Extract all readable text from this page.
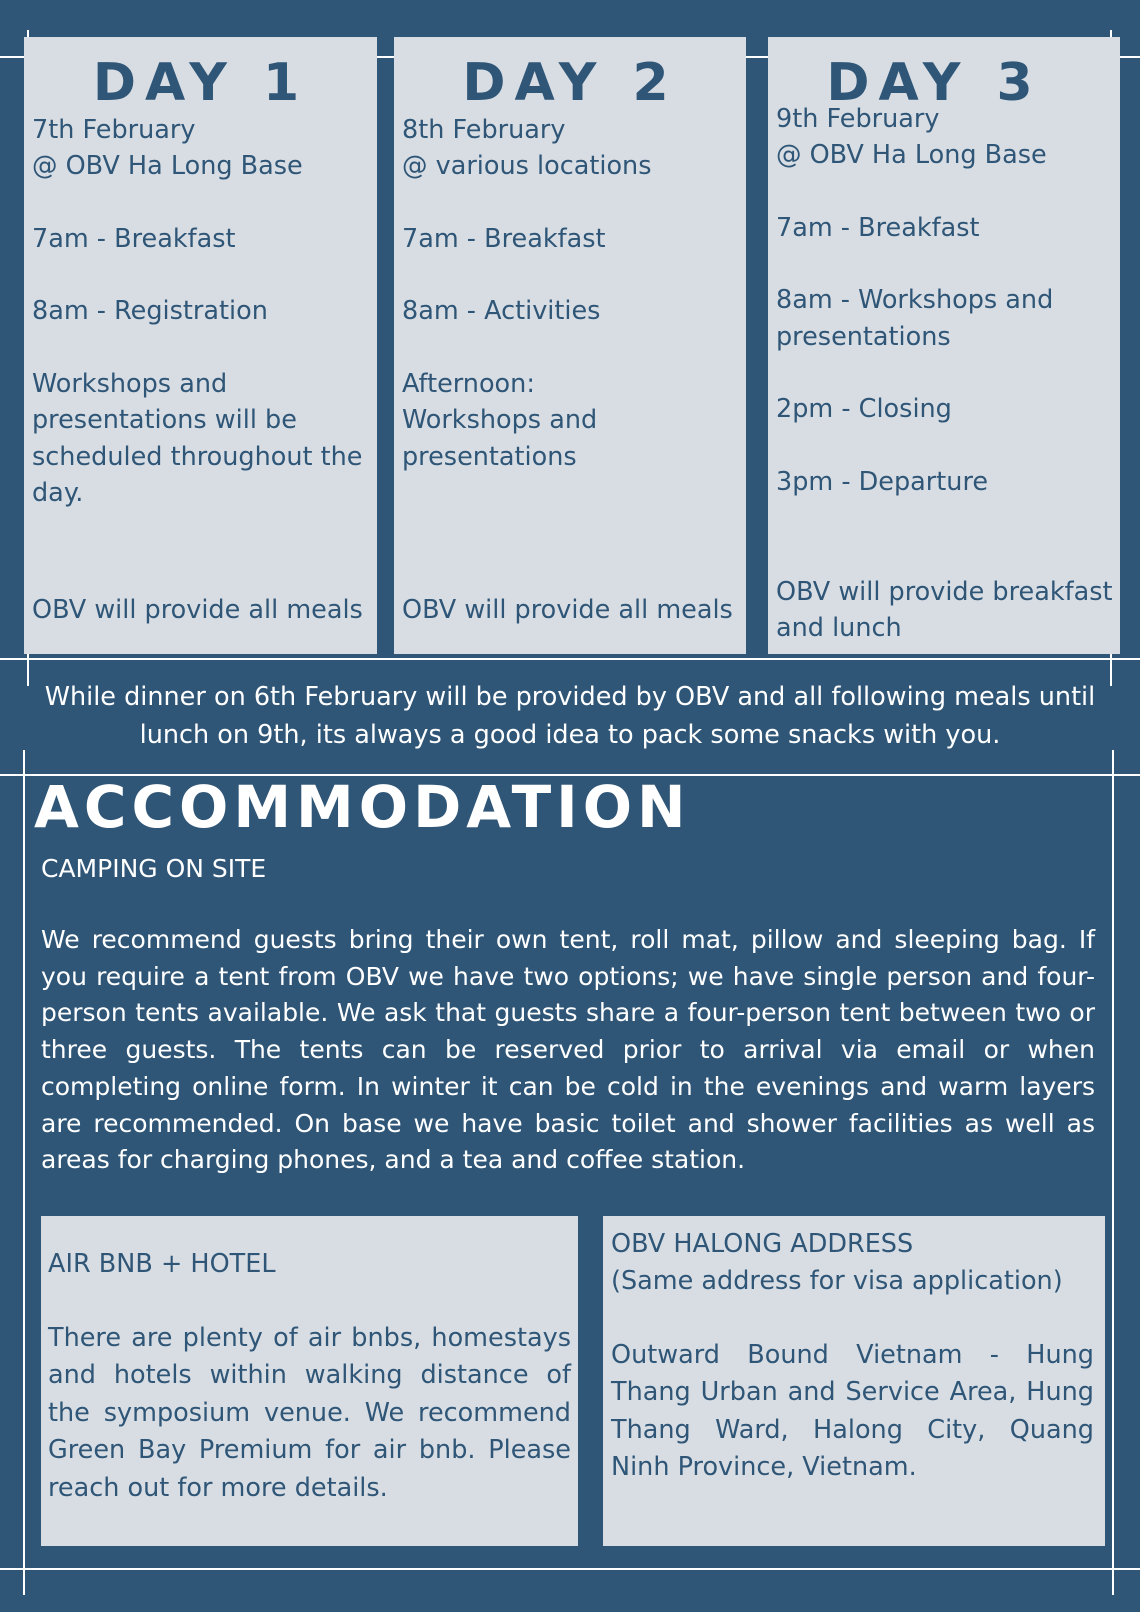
DAY 1
7th February
@ OBV Ha Long Base
7am - Breakfast
8am - Registration
Workshops and
presentations will be
scheduled throughout the
day.
OBV will provide all meals
DAY 2
8th February
@ various locations
7am - Breakfast
8am - Activities
Afternoon:
Workshops and
presentations
OBV will provide all meals
DAY 3
9th February
@ OBV Ha Long Base
7am - Breakfast
8am - Workshops and
presentations
2pm - Closing
3pm - Departure
OBV will provide breakfast and lunch
While dinner on 6th February will be provided by OBV and all following meals until lunch on 9th, its always a good idea to pack some snacks with you.
ACCOMMODATION
CAMPING ON SITE
We recommend guests bring their own tent, roll mat, pillow and sleeping bag. If you require a tent from OBV we have two options; we have single person and four-person tents available. We ask that guests share a four-person tent between two or three guests. The tents can be reserved prior to arrival via email or when completing online form. In winter it can be cold in the evenings and warm layers are recommended. On base we have basic toilet and shower facilities as well as areas for charging phones, and a tea and coffee station.
AIR BNB + HOTEL
There are plenty of air bnbs, homestays and hotels within walking distance of the symposium venue. We recommend Green Bay Premium for air bnb. Please reach out for more details.
OBV HALONG ADDRESS
(Same address for visa application)
Outward Bound Vietnam - Hung Thang Urban and Service Area, Hung Thang Ward, Halong City, Quang Ninh Province, Vietnam.
